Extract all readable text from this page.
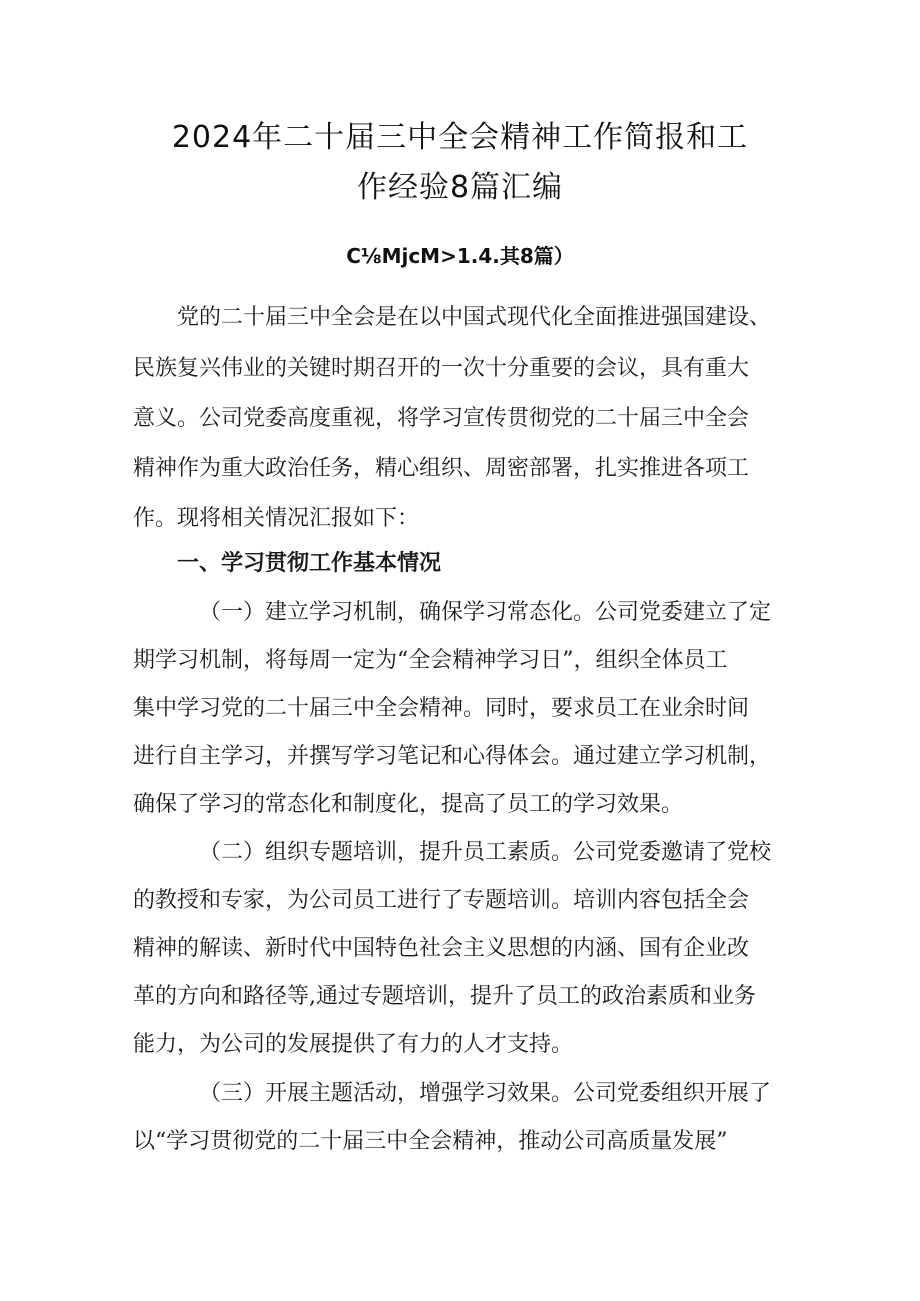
2024年二十届三中全会精神工作简报和工
作经验8篇汇编
C⅛MjcM>1.4.其8篇）
党的二十届三中全会是在以中国式现代化全面推进强国建设、
民族复兴伟业的关键时期召开的一次十分重要的会议，具有重大
意义。公司党委高度重视，将学习宣传贯彻党的二十届三中全会
精神作为重大政治任务，精心组织、周密部署，扎实推进各项工
作。现将相关情况汇报如下：
一、学习贯彻工作基本情况
（一）建立学习机制，确保学习常态化。公司党委建立了定
期学习机制，将每周一定为“全会精神学习日”，组织全体员工
集中学习党的二十届三中全会精神。同时，要求员工在业余时间
进行自主学习，并撰写学习笔记和心得体会。通过建立学习机制，
确保了学习的常态化和制度化，提高了员工的学习效果。
（二）组织专题培训，提升员工素质。公司党委邀请了党校
的教授和专家，为公司员工进行了专题培训。培训内容包括全会
精神的解读、新时代中国特色社会主义思想的内涵、国有企业改
革的方向和路径等,通过专题培训，提升了员工的政治素质和业务
能力，为公司的发展提供了有力的人才支持。
（三）开展主题活动，增强学习效果。公司党委组织开展了
以“学习贯彻党的二十届三中全会精神，推动公司高质量发展”
